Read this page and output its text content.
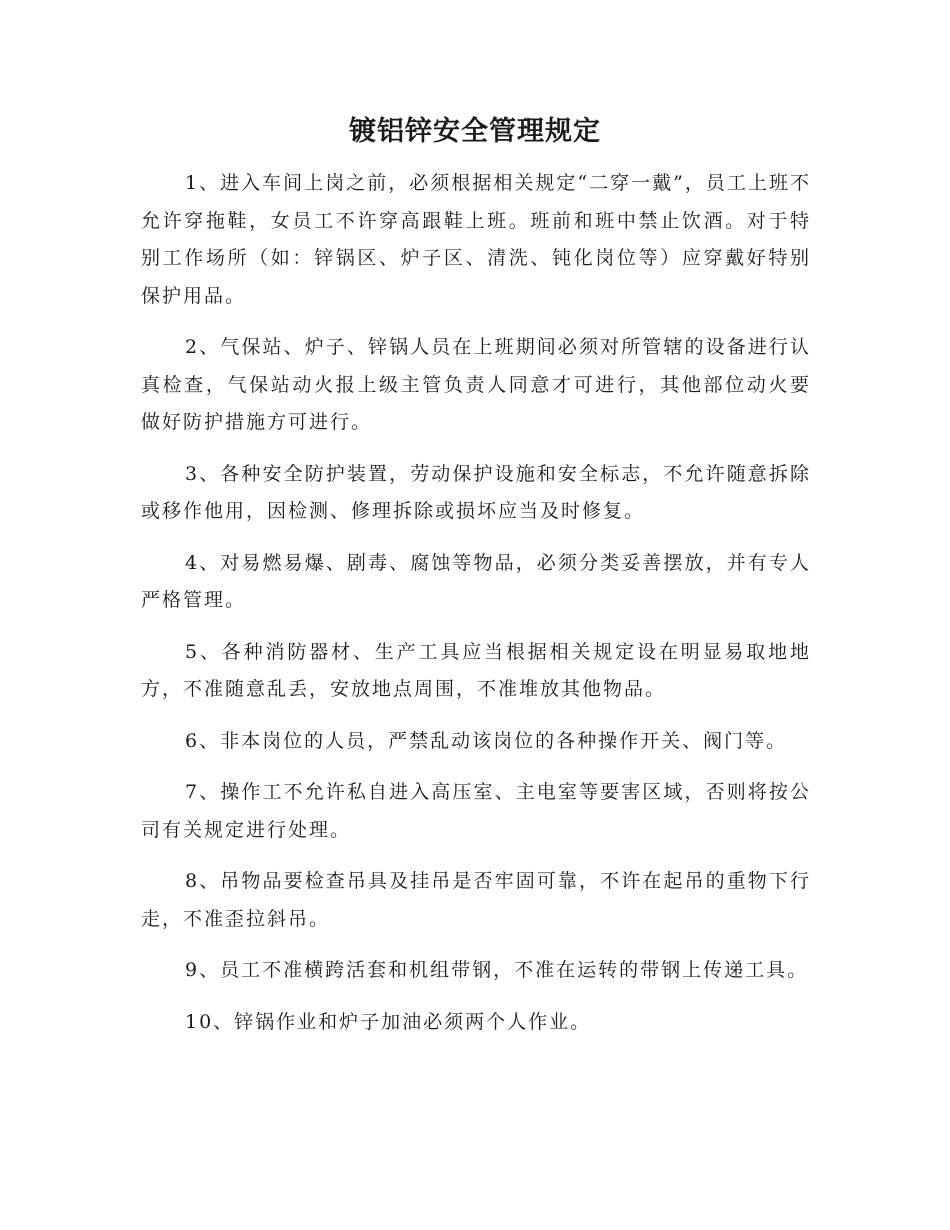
镀铝锌安全管理规定

1、进入车间上岗之前，必须根据相关规定“二穿一戴”，员工上班不允许穿拖鞋，女员工不许穿高跟鞋上班。班前和班中禁止饮酒。对于特别工作场所（如：锌锅区、炉子区、清洗、钝化岗位等）应穿戴好特别保护用品。

2、气保站、炉子、锌锅人员在上班期间必须对所管辖的设备进行认真检查，气保站动火报上级主管负责人同意才可进行，其他部位动火要做好防护措施方可进行。

3、各种安全防护装置，劳动保护设施和安全标志，不允许随意拆除或移作他用，因检测、修理拆除或损坏应当及时修复。

4、对易燃易爆、剧毒、腐蚀等物品，必须分类妥善摆放，并有专人严格管理。

5、各种消防器材、生产工具应当根据相关规定设在明显易取地地方，不准随意乱丢，安放地点周围，不准堆放其他物品。

6、非本岗位的人员，严禁乱动该岗位的各种操作开关、阀门等。

7、操作工不允许私自进入高压室、主电室等要害区域，否则将按公司有关规定进行处理。

8、吊物品要检查吊具及挂吊是否牢固可靠，不许在起吊的重物下行走，不准歪拉斜吊。

9、员工不准横跨活套和机组带钢，不准在运转的带钢上传递工具。

10、锌锅作业和炉子加油必须两个人作业。
